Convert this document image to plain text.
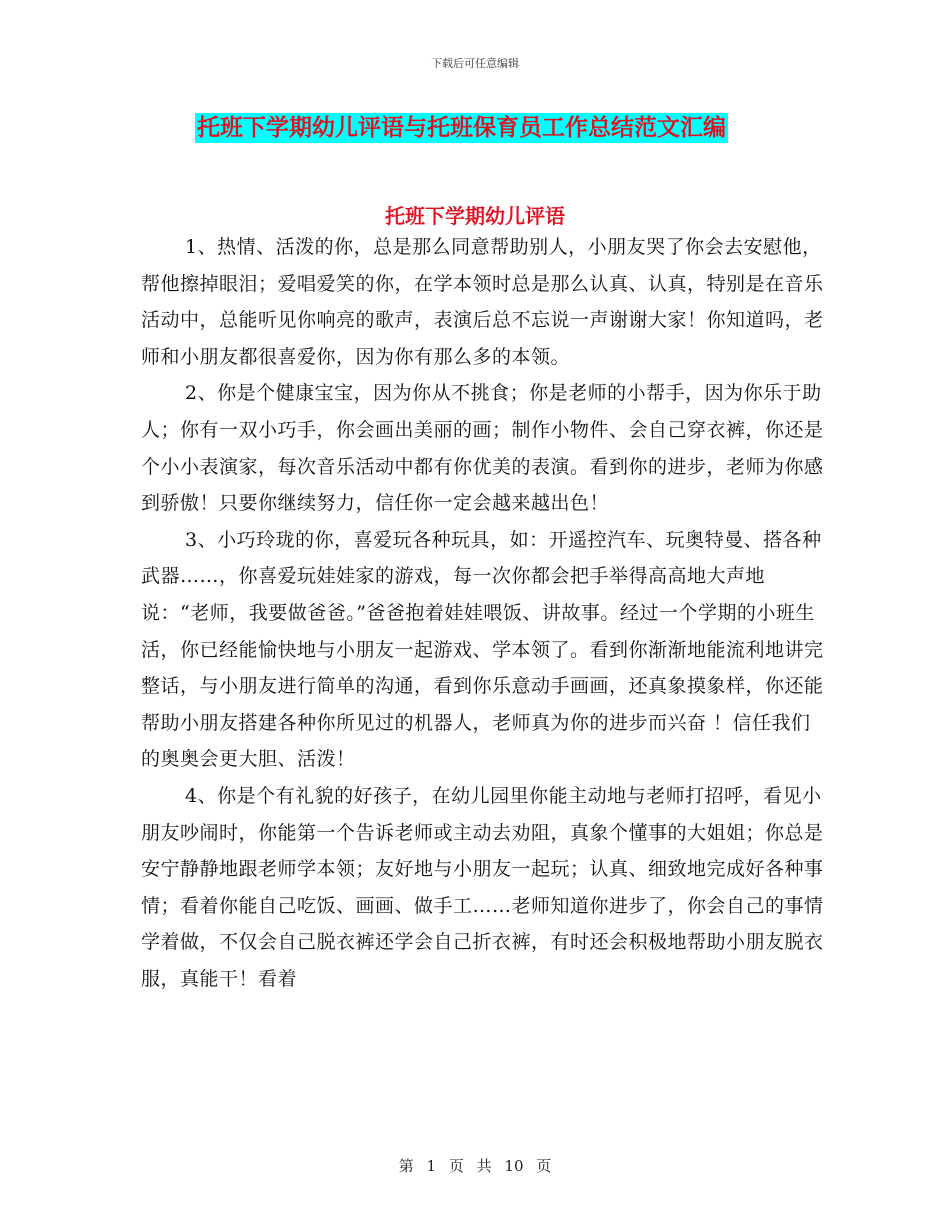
下载后可任意编辑
托班下学期幼儿评语与托班保育员工作总结范文汇编
托班下学期幼儿评语

1、热情、活泼的你，总是那么同意帮助别人，小朋友哭了你会去安慰他，帮他擦掉眼泪；爱唱爱笑的你，在学本领时总是那么认真、认真，特别是在音乐活动中，总能听见你响亮的歌声，表演后总不忘说一声谢谢大家！你知道吗，老师和小朋友都很喜爱你，因为你有那么多的本领。

2、你是个健康宝宝，因为你从不挑食；你是老师的小帮手，因为你乐于助人；你有一双小巧手，你会画出美丽的画；制作小物件、会自己穿衣裤，你还是个小小表演家，每次音乐活动中都有你优美的表演。看到你的进步，老师为你感到骄傲！只要你继续努力，信任你一定会越来越出色！

3、小巧玲珑的你，喜爱玩各种玩具，如：开遥控汽车、玩奥特曼、搭各种武器……，你喜爱玩娃娃家的游戏，每一次你都会把手举得高高地大声地说：“老师，我要做爸爸。”爸爸抱着娃娃喂饭、讲故事。经过一个学期的小班生活，你已经能愉快地与小朋友一起游戏、学本领了。看到你渐渐地能流利地讲完整话，与小朋友进行简单的沟通，看到你乐意动手画画，还真象摸象样，你还能帮助小朋友搭建各种你所见过的机器人，老师真为你的进步而兴奋 ！信任我们的奥奥会更大胆、活泼！

4、你是个有礼貌的好孩子，在幼儿园里你能主动地与老师打招呼，看见小朋友吵闹时，你能第一个告诉老师或主动去劝阻，真象个懂事的大姐姐；你总是安宁静静地跟老师学本领；友好地与小朋友一起玩；认真、细致地完成好各种事情；看着你能自己吃饭、画画、做手工……老师知道你进步了，你会自己的事情学着做，不仅会自己脱衣裤还学会自己折衣裤，有时还会积极地帮助小朋友脱衣服，真能干！看着

第 1 页 共 10 页
